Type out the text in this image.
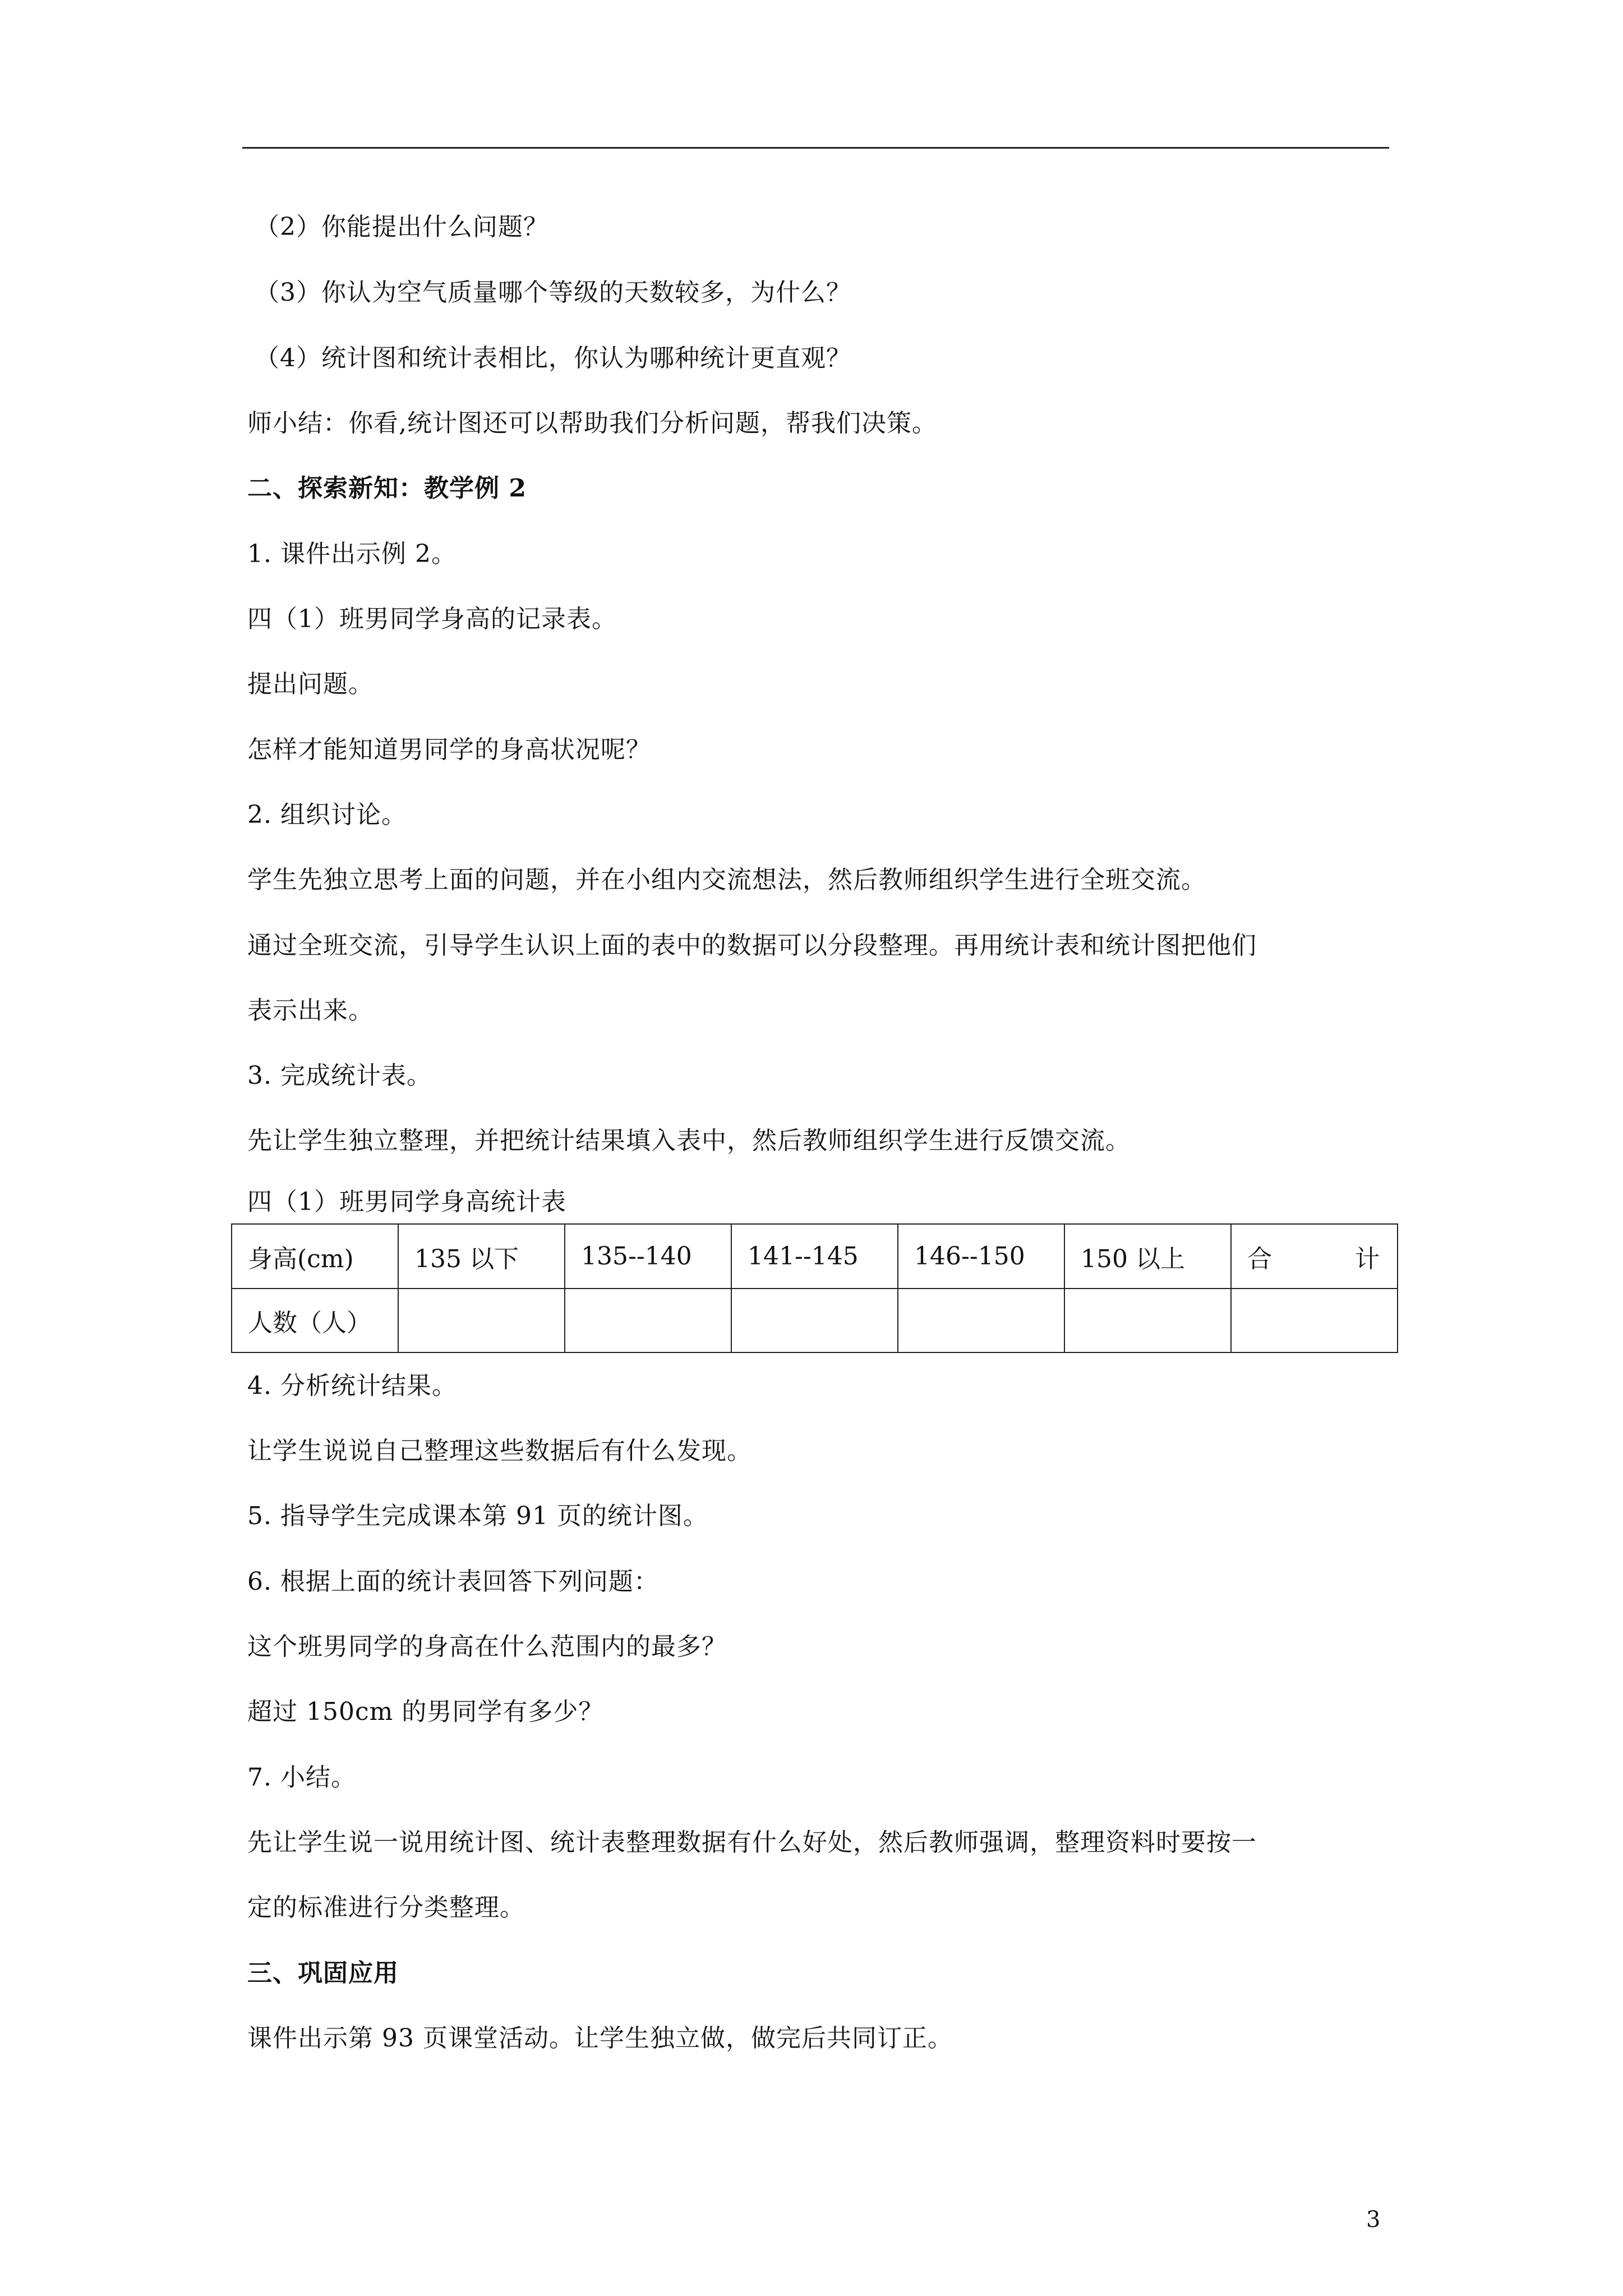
（2）你能提出什么问题？
（3）你认为空气质量哪个等级的天数较多，为什么？
（4）统计图和统计表相比，你认为哪种统计更直观？
师小结：你看,统计图还可以帮助我们分析问题，帮我们决策。
二、探索新知：教学例 2
1. 课件出示例 2。
四（1）班男同学身高的记录表。
提出问题。
怎样才能知道男同学的身高状况呢？
2. 组织讨论。
学生先独立思考上面的问题，并在小组内交流想法，然后教师组织学生进行全班交流。
通过全班交流，引导学生认识上面的表中的数据可以分段整理。再用统计表和统计图把他们
表示出来。
3. 完成统计表。
先让学生独立整理，并把统计结果填入表中，然后教师组织学生进行反馈交流。
四（1）班男同学身高统计表
身高(cm)	135 以下	135--140	141--145	146--150	150 以上	合 计
人数（人）						
4. 分析统计结果。
让学生说说自己整理这些数据后有什么发现。
5. 指导学生完成课本第 91 页的统计图。
6. 根据上面的统计表回答下列问题：
这个班男同学的身高在什么范围内的最多？
超过 150cm 的男同学有多少？
7. 小结。
先让学生说一说用统计图、统计表整理数据有什么好处，然后教师强调，整理资料时要按一
定的标准进行分类整理。
三、巩固应用
课件出示第 93 页课堂活动。让学生独立做，做完后共同订正。
3
